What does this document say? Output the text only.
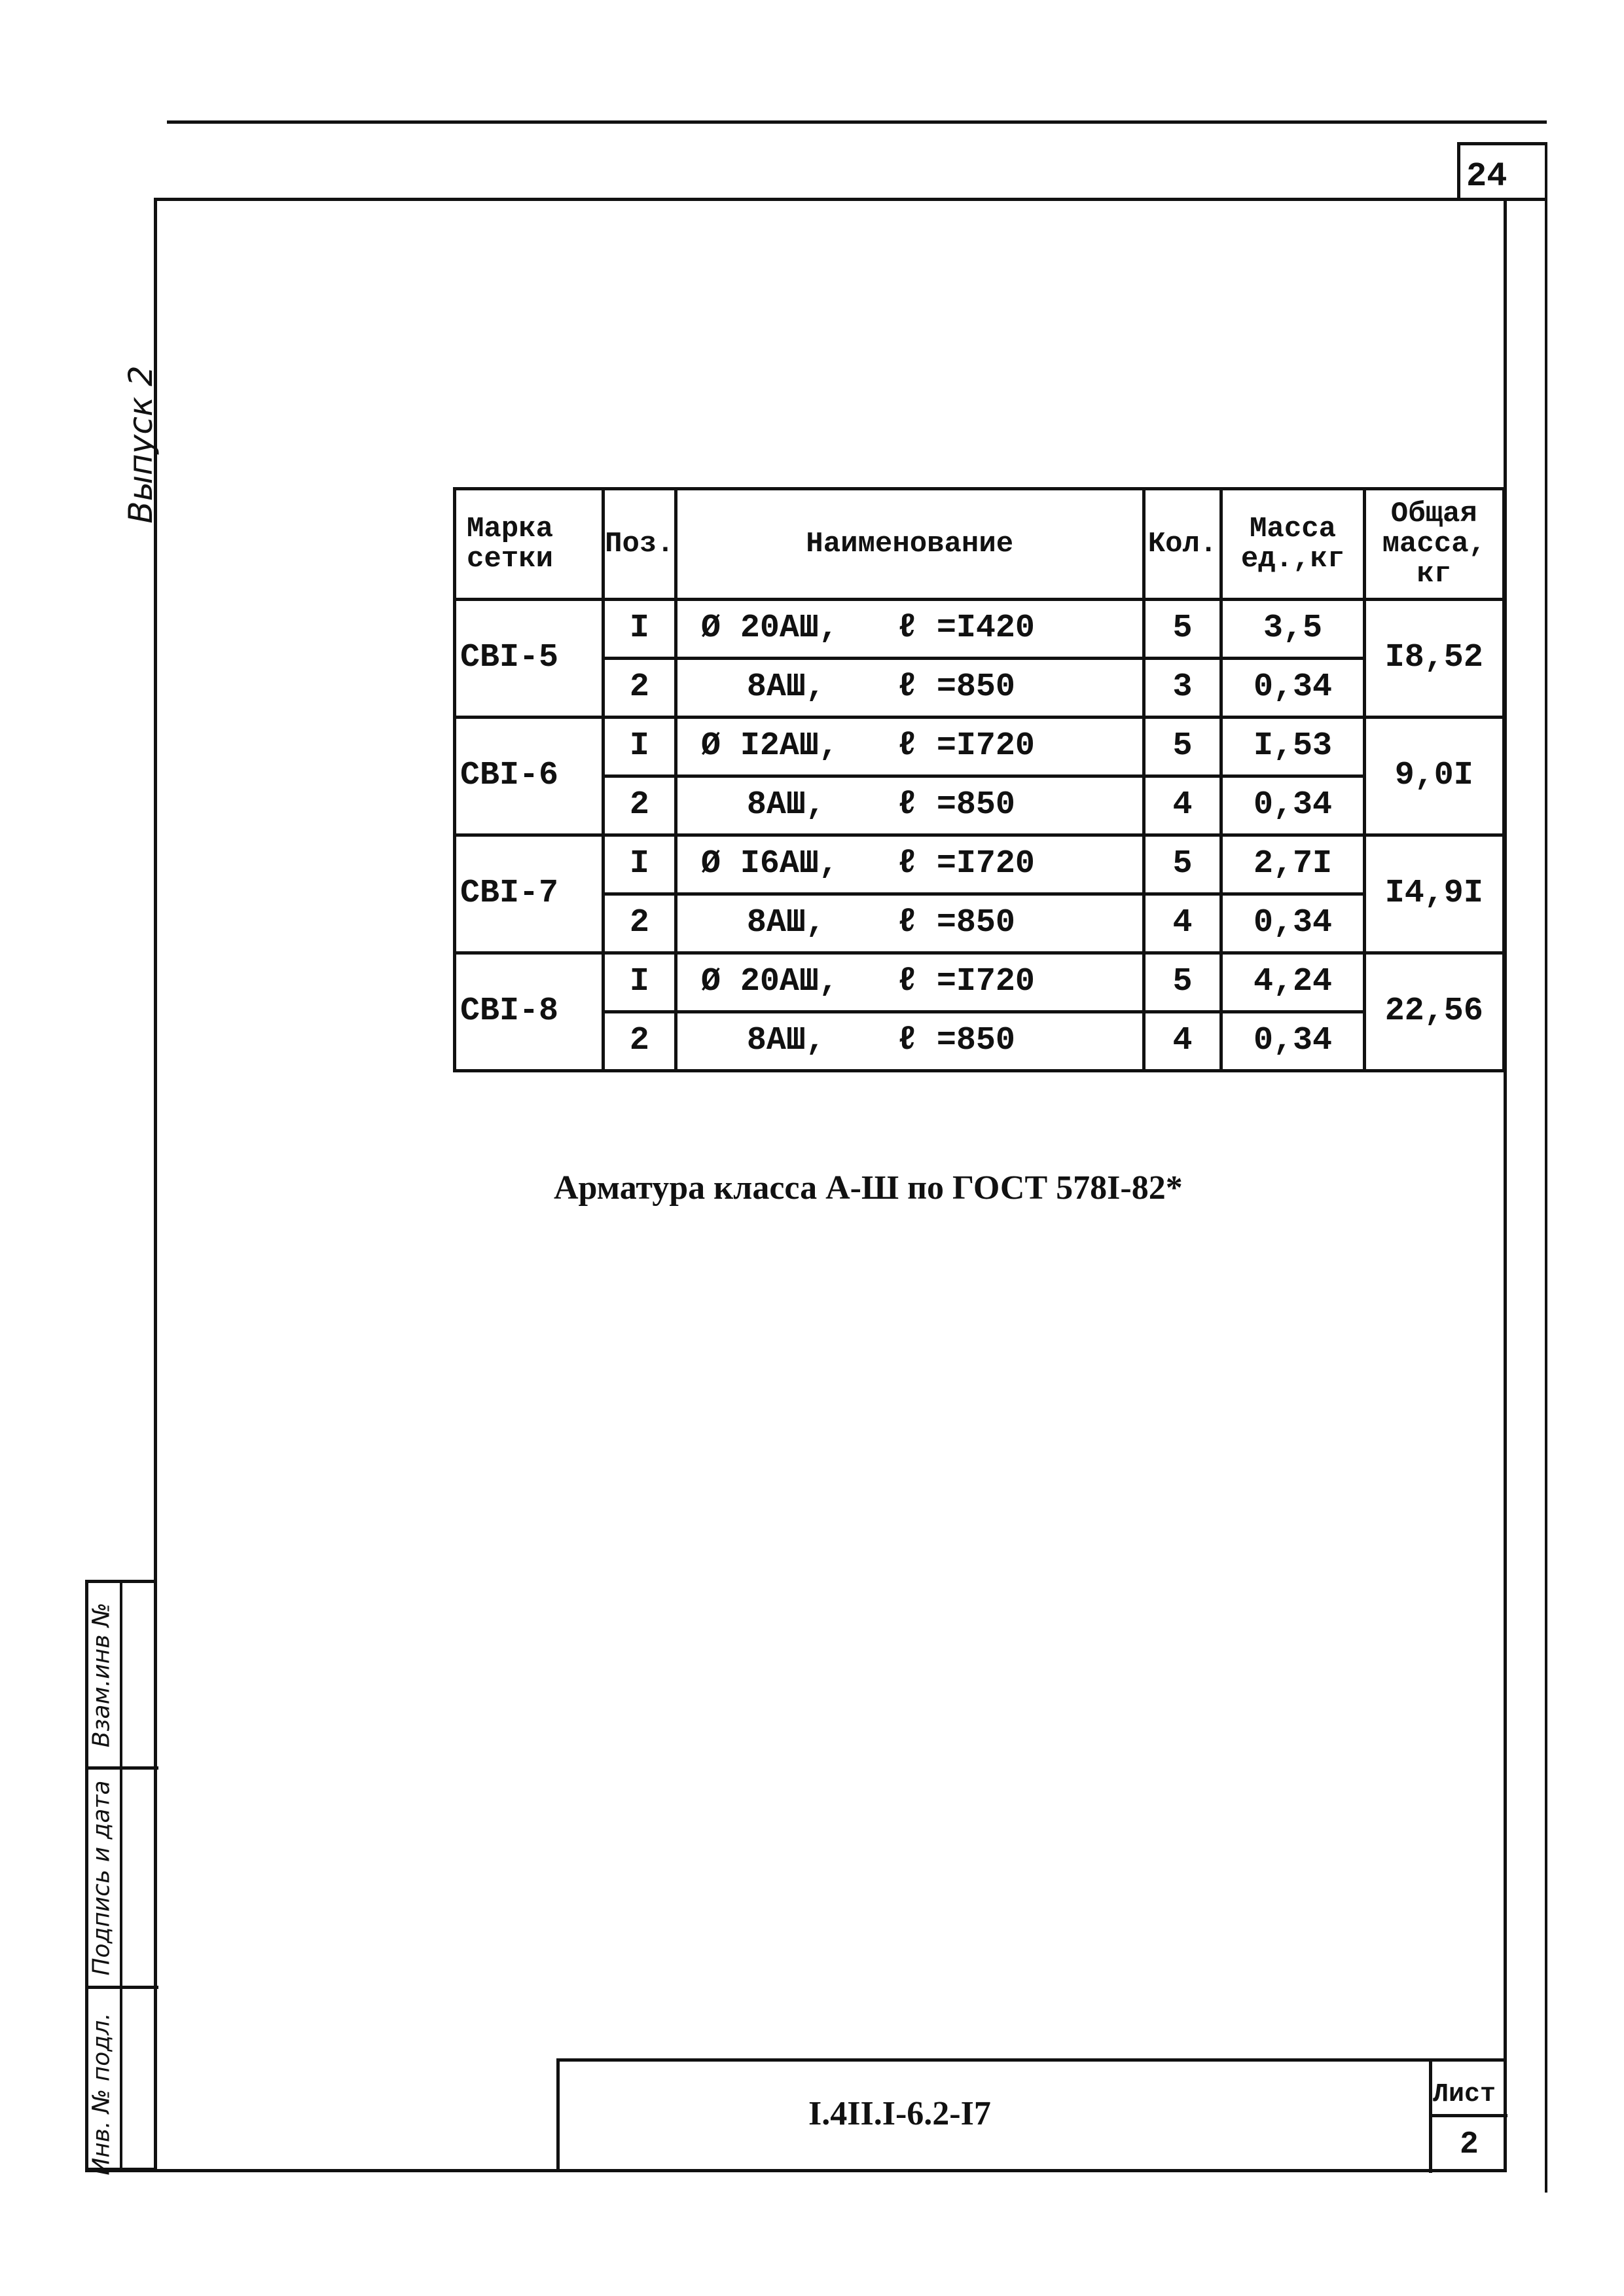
24
Выпуск 2
Инв. № подл.
Подпись и дата
Взам.инв №
Марка сетки	Поз.	Наименование	Кол.	Масса ед.,кг	Общая масса, кг
СВI-5	I	Ø 20АШ, ℓ =I420	5	3,5	I8,52
	2	8АШ, ℓ =850	3	0,34	
СВI-6	I	Ø I2АШ, ℓ =I720	5	I,53	9,0I
	2	8АШ, ℓ =850	4	0,34	
СВI-7	I	Ø I6АШ, ℓ =I720	5	2,7I	I4,9I
	2	8АШ, ℓ =850	4	0,34	
СВI-8	I	Ø 20АШ, ℓ =I720	5	4,24	22,56
	2	8АШ, ℓ =850	4	0,34	
Арматура класса А-Ш по ГОСТ 578I-82*
I.4II.I-6.2-I7
Лист
2
